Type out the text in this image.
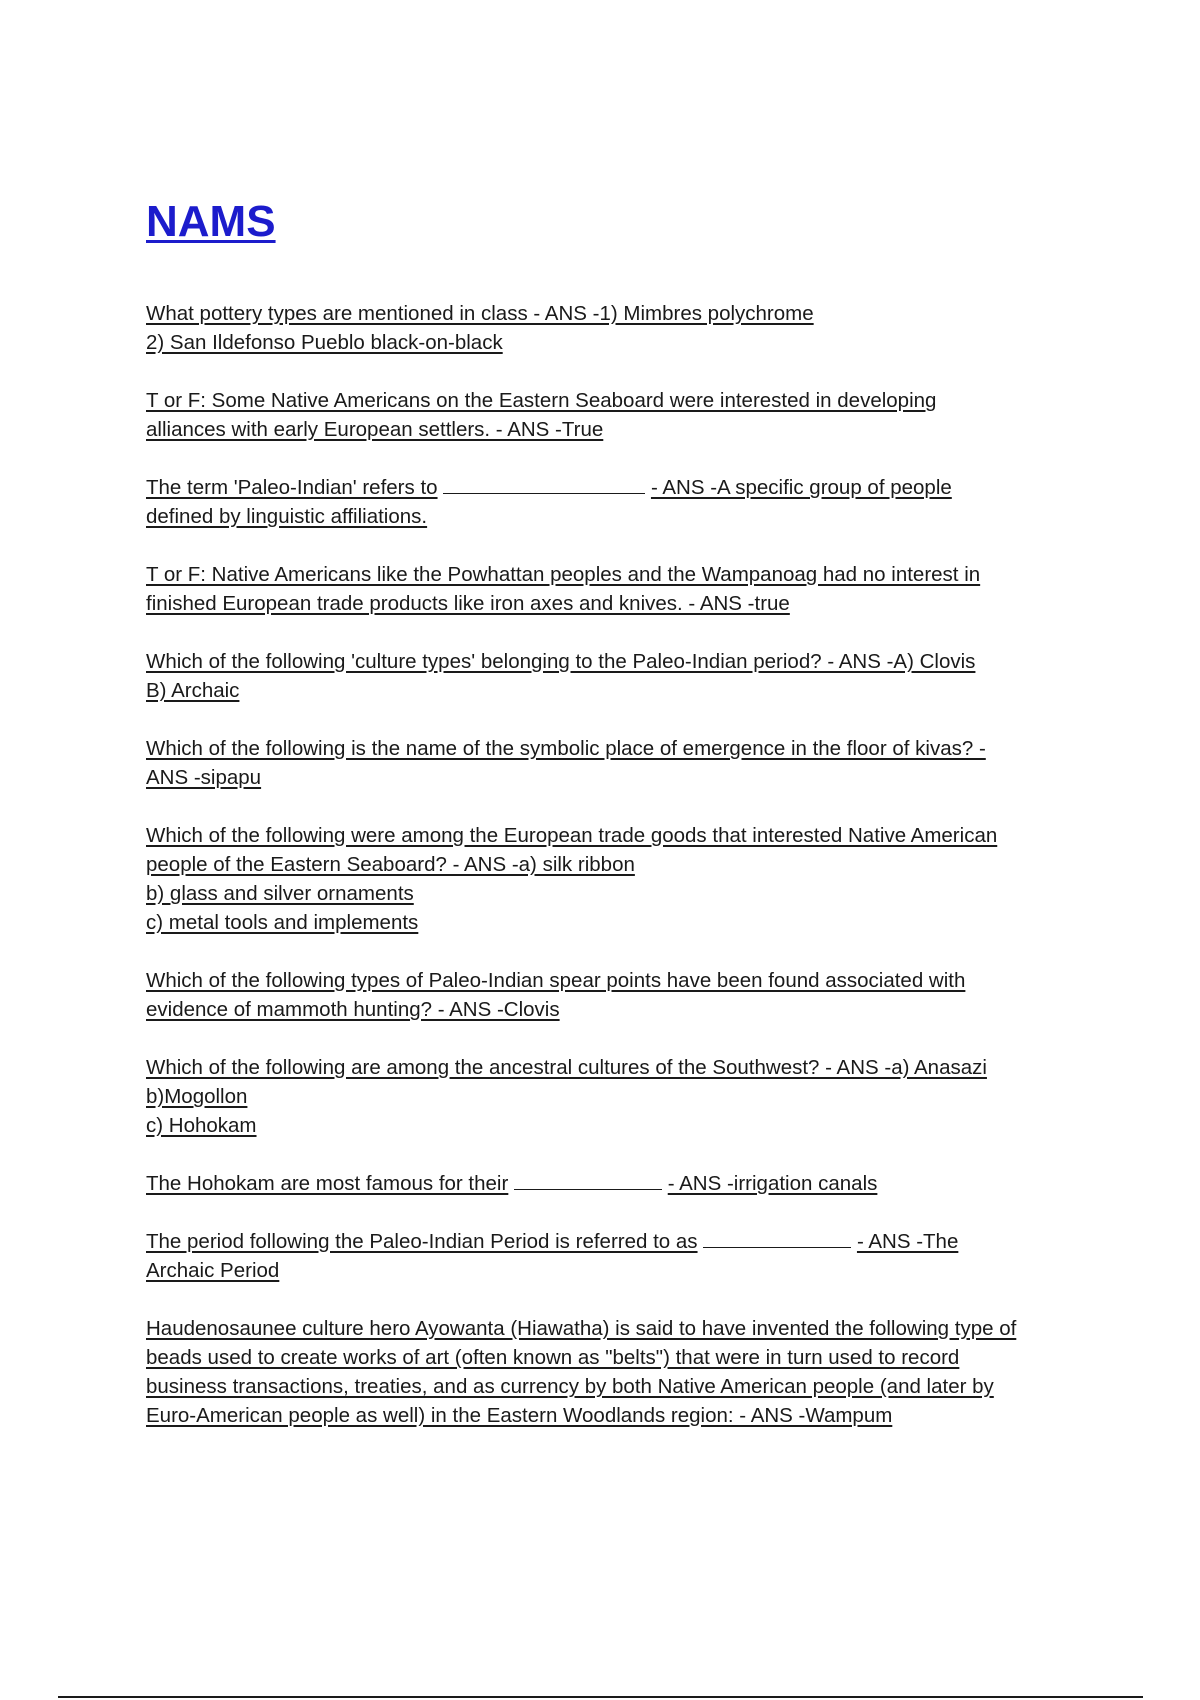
NAMS
What pottery types are mentioned in class - ANS -1) Mimbres polychrome
2) San Ildefonso Pueblo black-on-black
T or F: Some Native Americans on the Eastern Seaboard were interested in developing
alliances with early European settlers. - ANS -True
The term 'Paleo-Indian' refers to	- ANS -A specific group of people
defined by linguistic affiliations.
T or F: Native Americans like the Powhattan peoples and the Wampanoag had no interest in
finished European trade products like iron axes and knives. - ANS -true
Which of the following 'culture types' belonging to the Paleo-Indian period? - ANS -A) Clovis
B) Archaic
Which of the following is the name of the symbolic place of emergence in the floor of kivas? -
ANS -sipapu
Which of the following were among the European trade goods that interested Native American
people of the Eastern Seaboard? - ANS -a) silk ribbon
b) glass and silver ornaments
c) metal tools and implements
Which of the following types of Paleo-Indian spear points have been found associated with
evidence of mammoth hunting? - ANS -Clovis
Which of the following are among the ancestral cultures of the Southwest? - ANS -a) Anasazi
b)Mogollon
c) Hohokam
The Hohokam are most famous for their	- ANS -irrigation canals
The period following the Paleo-Indian Period is referred to as	- ANS -The
Archaic Period
Haudenosaunee culture hero Ayowanta (Hiawatha) is said to have invented the following type of
beads used to create works of art (often known as "belts") that were in turn used to record
business transactions, treaties, and as currency by both Native American people (and later by
Euro-American people as well) in the Eastern Woodlands region: - ANS -Wampum
